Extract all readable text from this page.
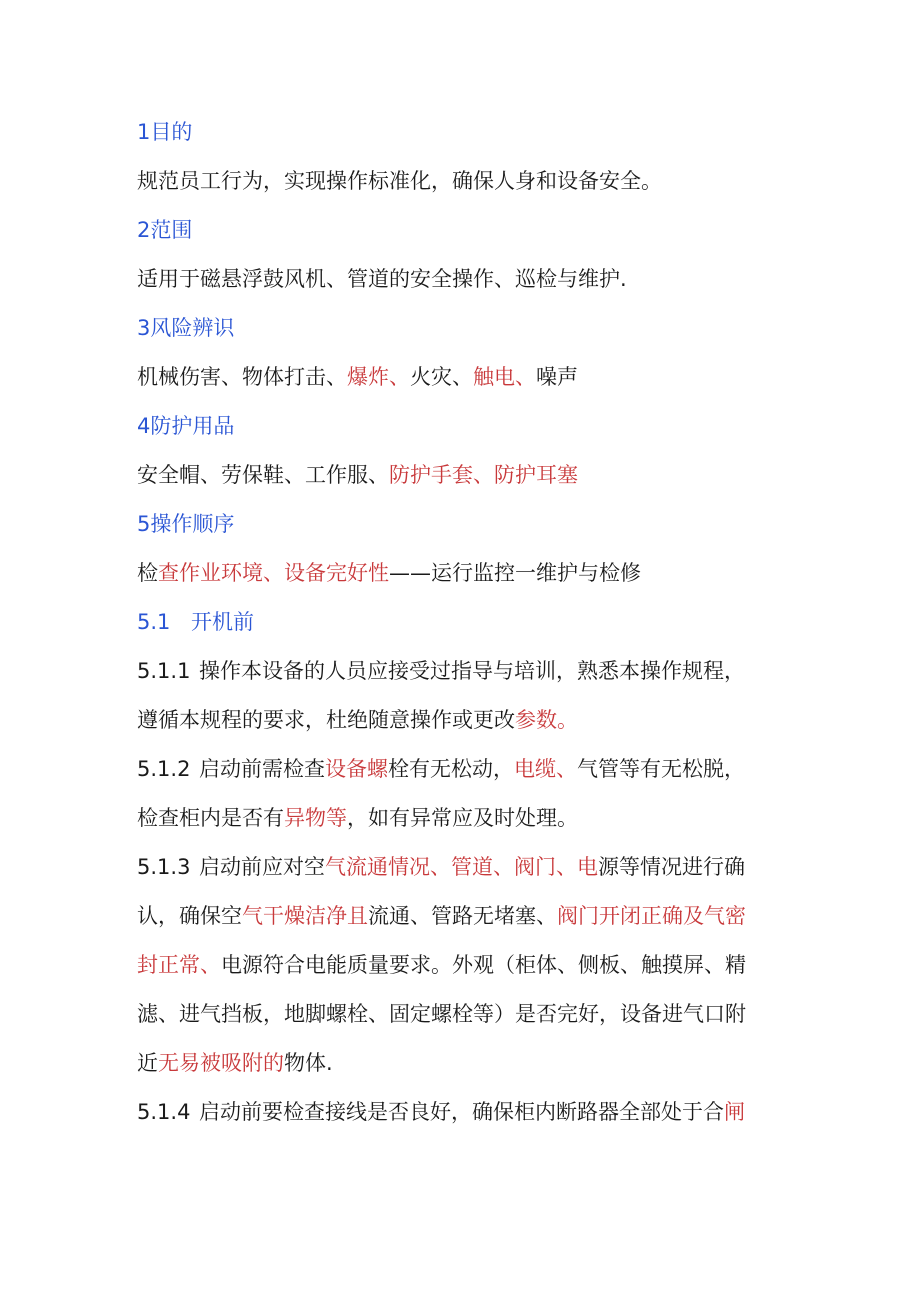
1目的
规范员工行为，实现操作标准化，确保人身和设备安全。
2范围
适用于磁悬浮鼓风机、管道的安全操作、巡检与维护.
3风险辨识
机械伤害、物体打击、爆炸、火灾、触电、噪声
4防护用品
安全帽、劳保鞋、工作服、防护手套、防护耳塞
5操作顺序
检查作业环境、设备完好性——运行监控一维护与检修
5.1 开机前
5.1.1 操作本设备的人员应接受过指导与培训，熟悉本操作规程，
遵循本规程的要求，杜绝随意操作或更改参数。
5.1.2 启动前需检查设备螺栓有无松动，电缆、气管等有无松脱，
检查柜内是否有异物等，如有异常应及时处理。
5.1.3 启动前应对空气流通情况、管道、阀门、电源等情况进行确
认，确保空气干燥洁净且流通、管路无堵塞、阀门开闭正确及气密
封正常、电源符合电能质量要求。外观（柜体、侧板、触摸屏、精
滤、进气挡板，地脚螺栓、固定螺栓等）是否完好，设备进气口附
近无易被吸附的物体.
5.1.4 启动前要检查接线是否良好，确保柜内断路器全部处于合闸
